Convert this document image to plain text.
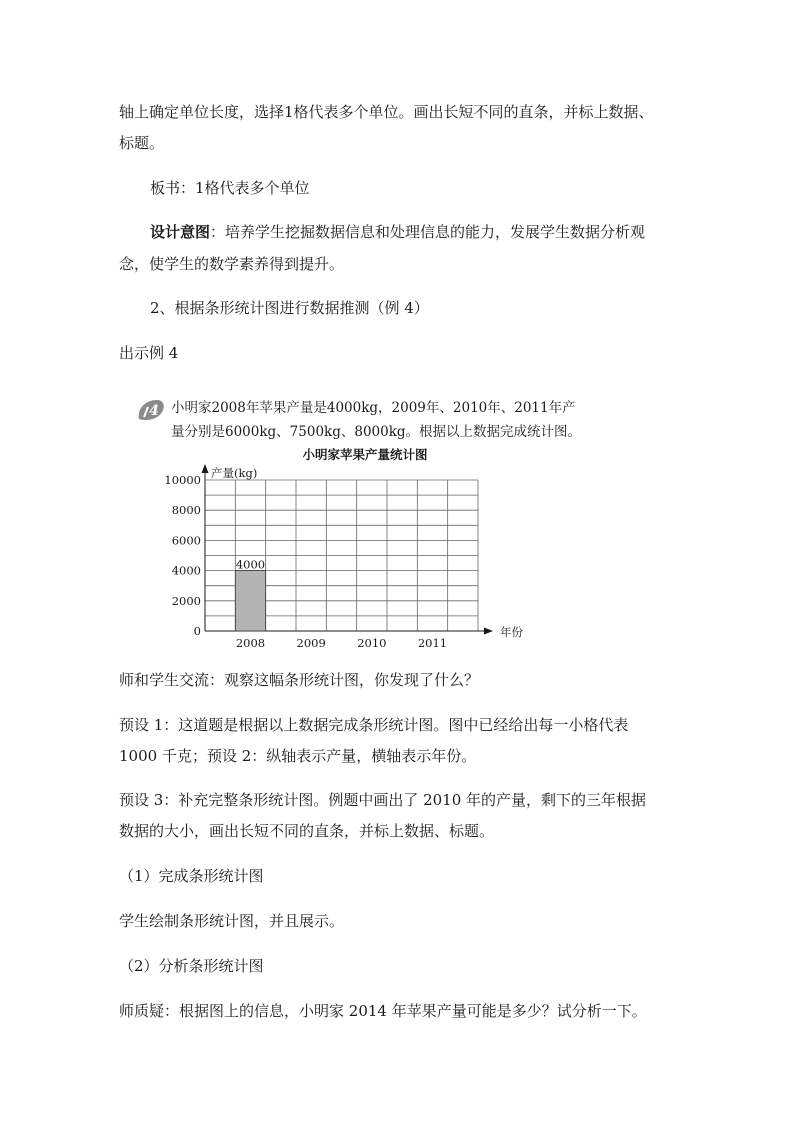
轴上确定单位长度，选择1格代表多个单位。画出长短不同的直条，并标上数据、
标题。
板书：1格代表多个单位
设计意图：培养学生挖掘数据信息和处理信息的能力，发展学生数据分析观
念，使学生的数学素养得到提升。
2、根据条形统计图进行数据推测（例 4）
出示例 4
4 小明家2008年苹果产量是4000kg，2009年、2010年、2011年产
量分别是6000kg、7500kg、8000kg。根据以上数据完成统计图。
小明家苹果产量统计图
0
2000
4000
6000
8000
10000 产量(kg)
年份
4000
2008	2009	2010	2011
师和学生交流：观察这幅条形统计图，你发现了什么？
预设 1：这道题是根据以上数据完成条形统计图。图中已经给出每一小格代表
1000 千克；预设 2：纵轴表示产量，横轴表示年份。
预设 3：补充完整条形统计图。例题中画出了 2010 年的产量，剩下的三年根据
数据的大小，画出长短不同的直条，并标上数据、标题。
（1）完成条形统计图
学生绘制条形统计图，并且展示。
（2）分析条形统计图
师质疑：根据图上的信息，小明家 2014 年苹果产量可能是多少？试分析一下。
